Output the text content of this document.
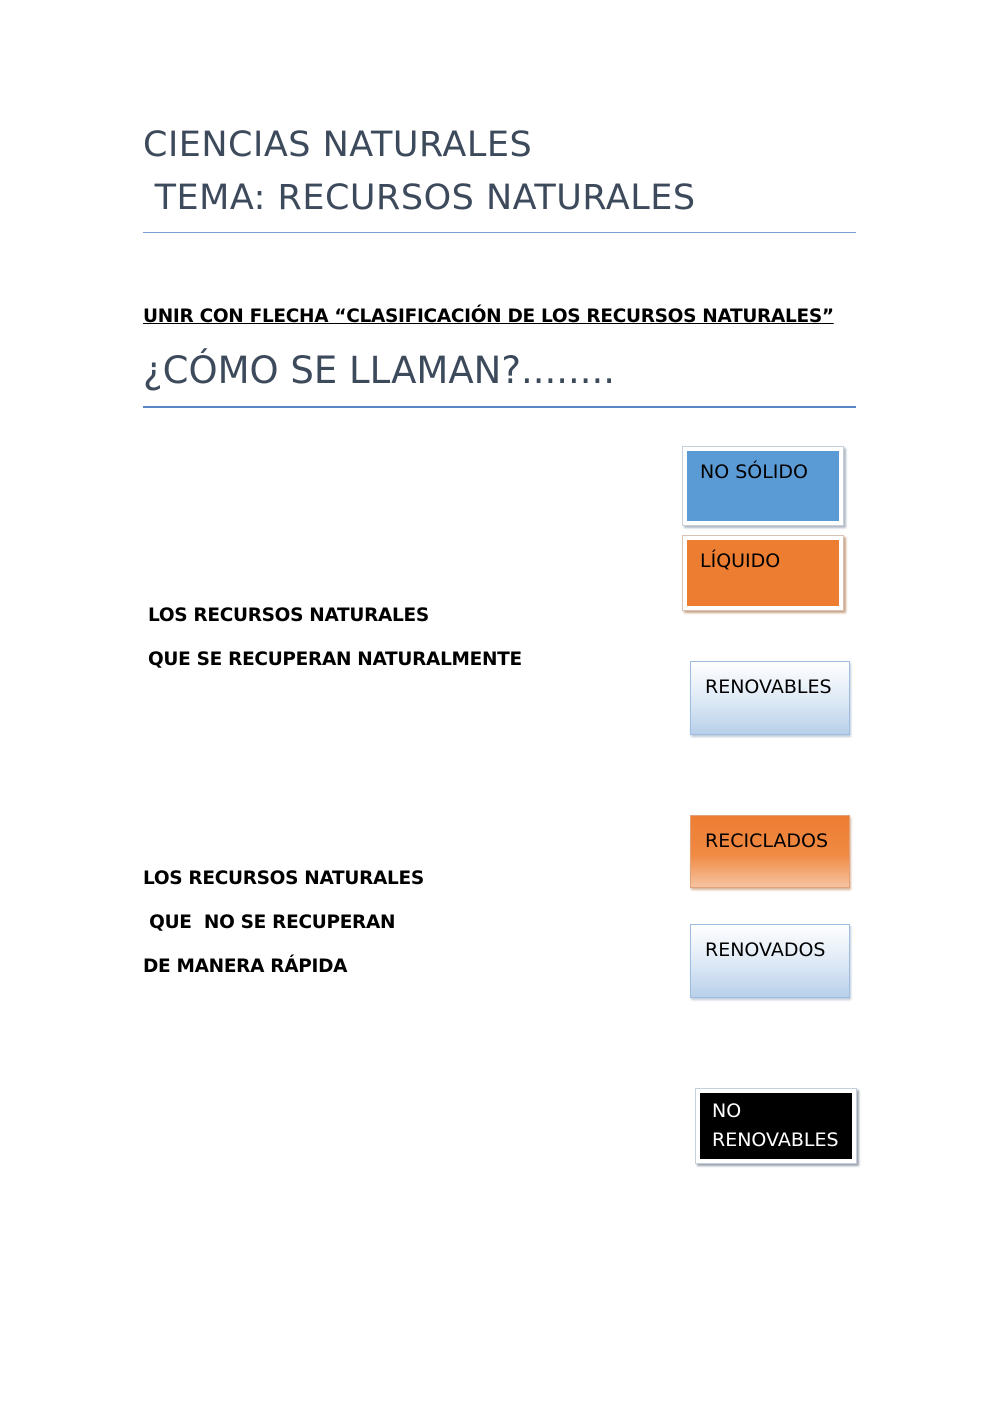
CIENCIAS NATURALES
TEMA: RECURSOS NATURALES
UNIR CON FLECHA “CLASIFICACIÓN DE LOS RECURSOS NATURALES”
¿CÓMO SE LLAMAN?........
LOS RECURSOS NATURALES
QUE SE RECUPERAN NATURALMENTE
LOS RECURSOS NATURALES
QUE  NO SE RECUPERAN
DE MANERA RÁPIDA
NO SÓLIDO
LÍQUIDO
RENOVABLES
RECICLADOS
RENOVADOS
NO
RENOVABLES
